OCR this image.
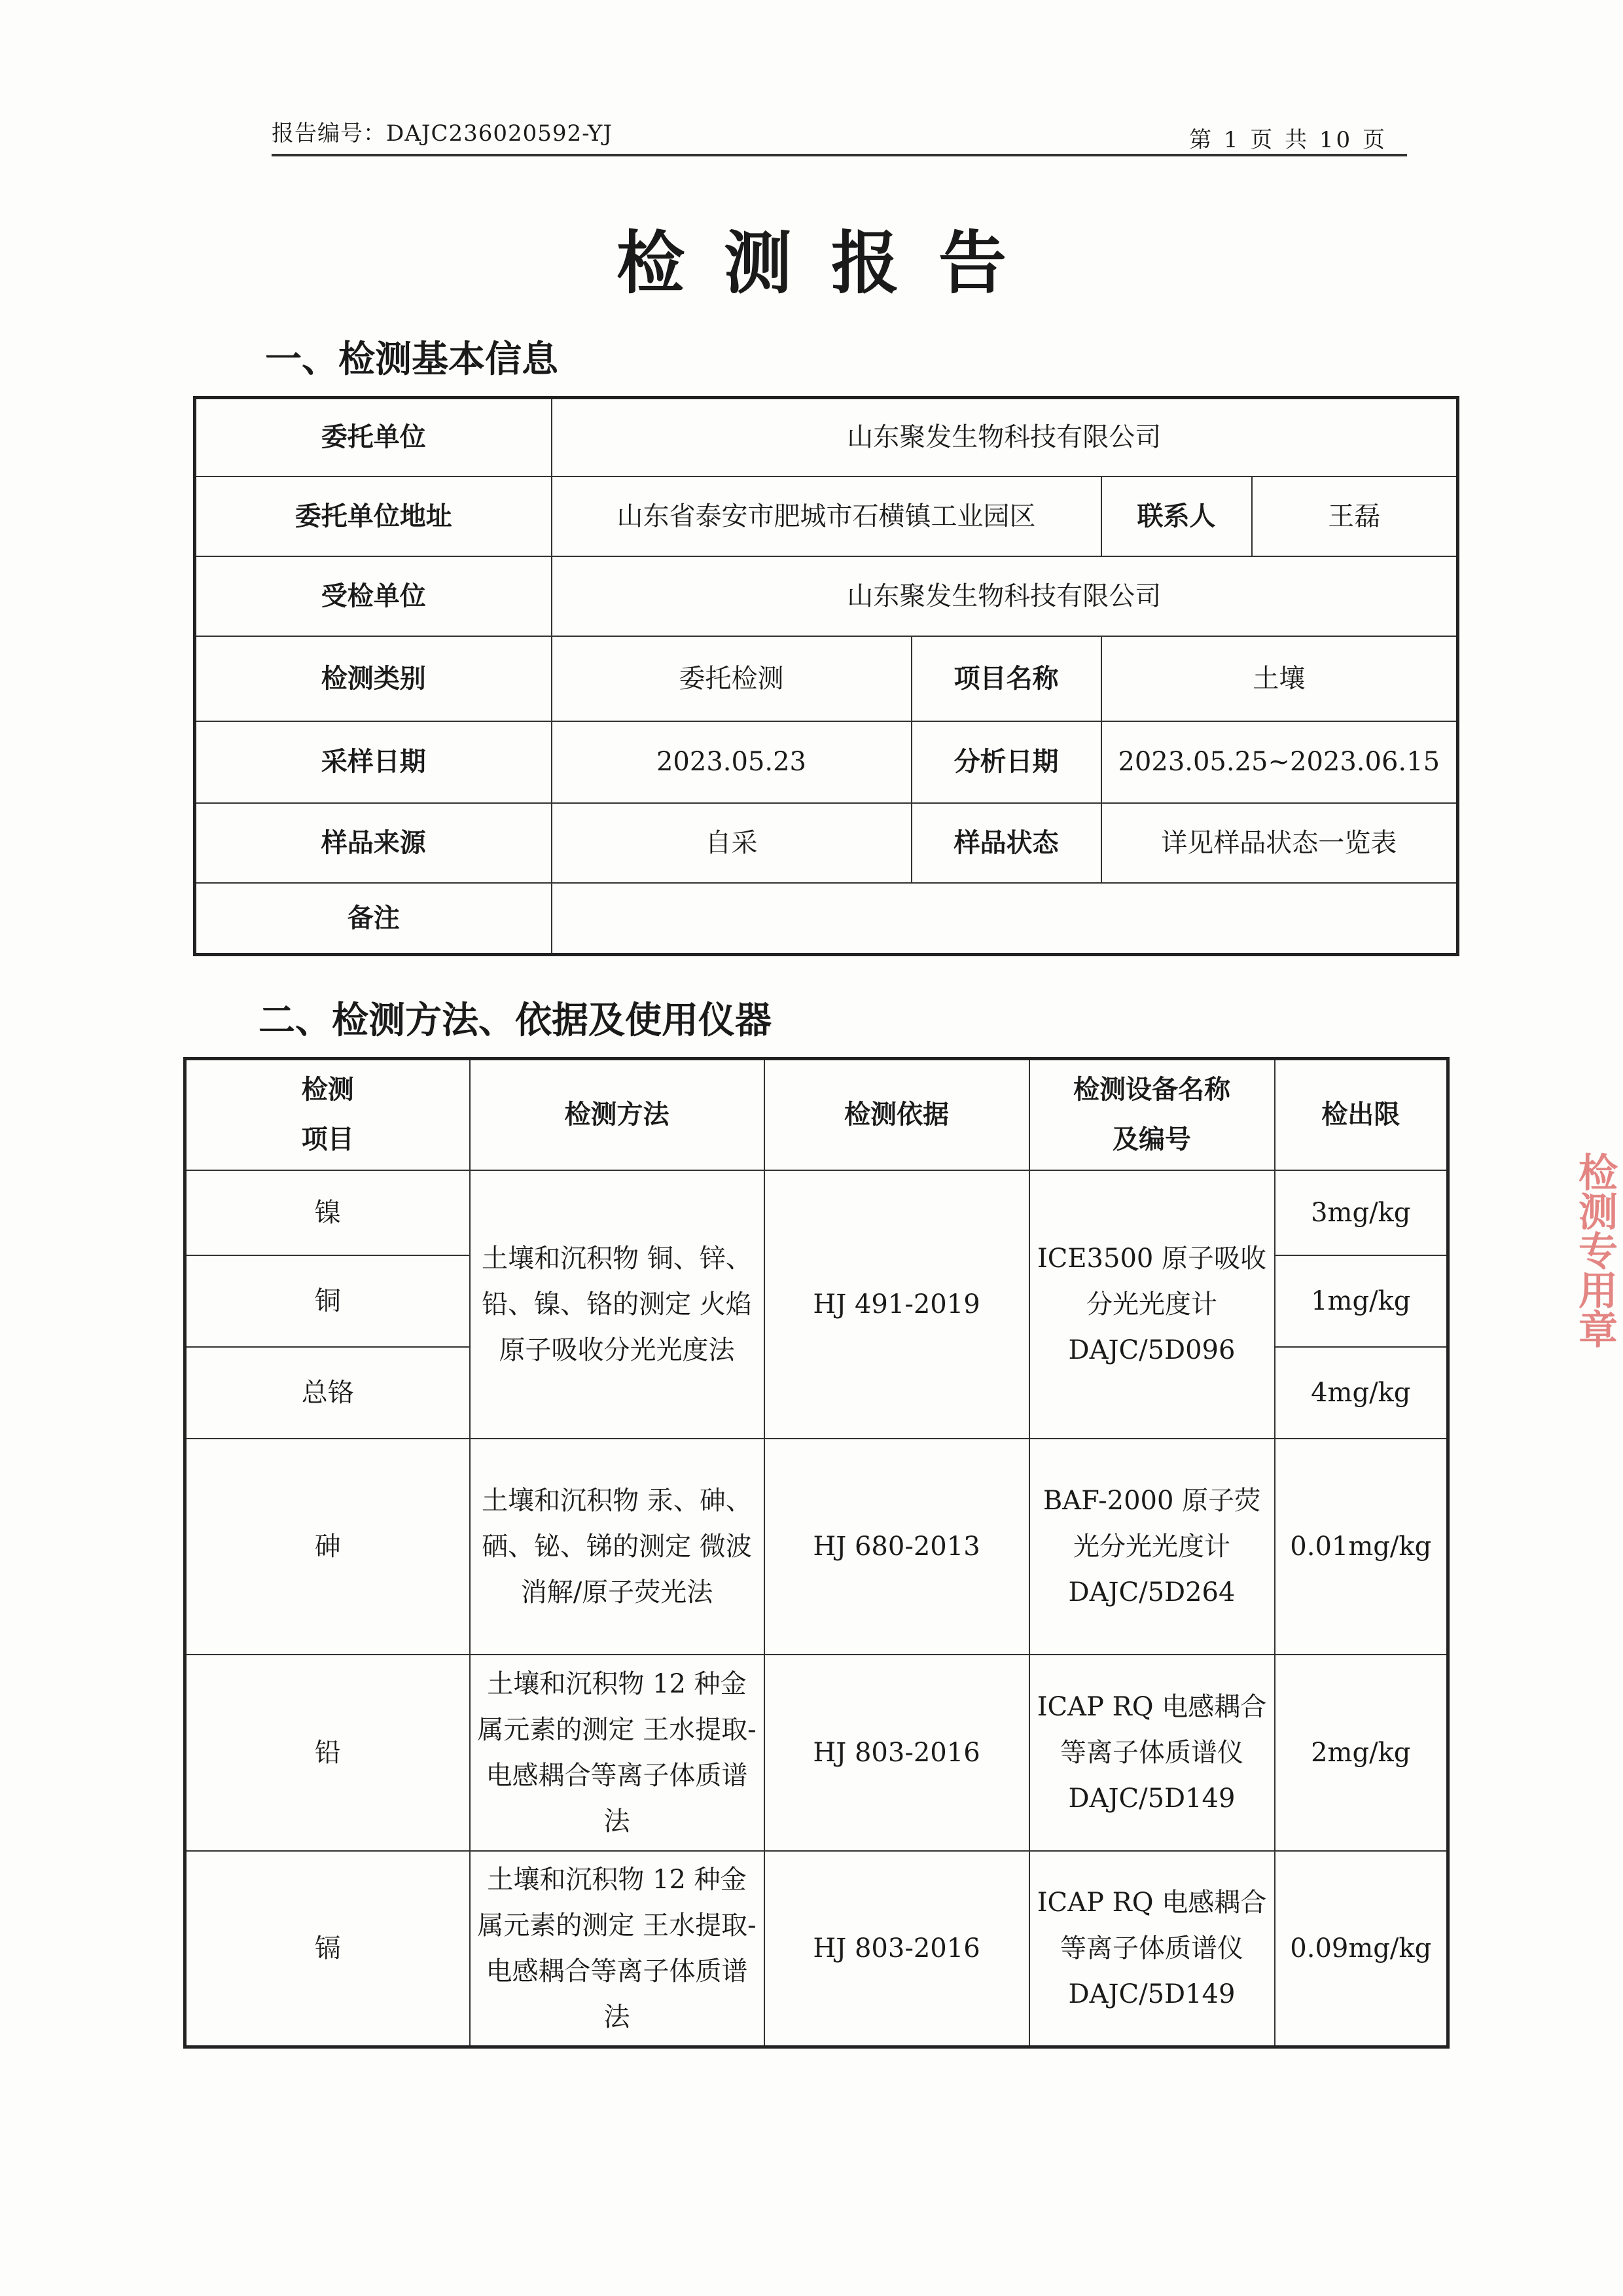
报告编号：DAJC236020592-YJ	第 1 页 共 10 页
检测报告
一、检测基本信息
委托单位	山东聚发生物科技有限公司			
委托单位地址	山东省泰安市肥城市石横镇工业园区		联系人	王磊
受检单位	山东聚发生物科技有限公司			
检测类别	委托检测	项目名称	土壤	
采样日期	2023.05.23	分析日期	2023.05.25~2023.06.15	
样品来源	自采	样品状态	详见样品状态一览表	
备注				
二、检测方法、依据及使用仪器
检测项目	检测方法	检测依据	检测设备名称及编号	检出限
镍	土壤和沉积物 铜、锌、铅、镍、铬的测定 火焰原子吸收分光光度法	HJ 491-2019	ICE3500 原子吸收分光光度计 DAJC/5D096	3mg/kg
铜				1mg/kg
总铬				4mg/kg
砷	土壤和沉积物 汞、砷、硒、铋、锑的测定 微波消解/原子荧光法	HJ 680-2013	BAF-2000 原子荧光分光光度计 DAJC/5D264	0.01mg/kg
铅	土壤和沉积物 12 种金属元素的测定 王水提取-电感耦合等离子体质谱法	HJ 803-2016	ICAP RQ 电感耦合等离子体质谱仪 DAJC/5D149	2mg/kg
镉	土壤和沉积物 12 种金属元素的测定 王水提取-电感耦合等离子体质谱法	HJ 803-2016	ICAP RQ 电感耦合等离子体质谱仪 DAJC/5D149	0.09mg/kg
检测专用章
